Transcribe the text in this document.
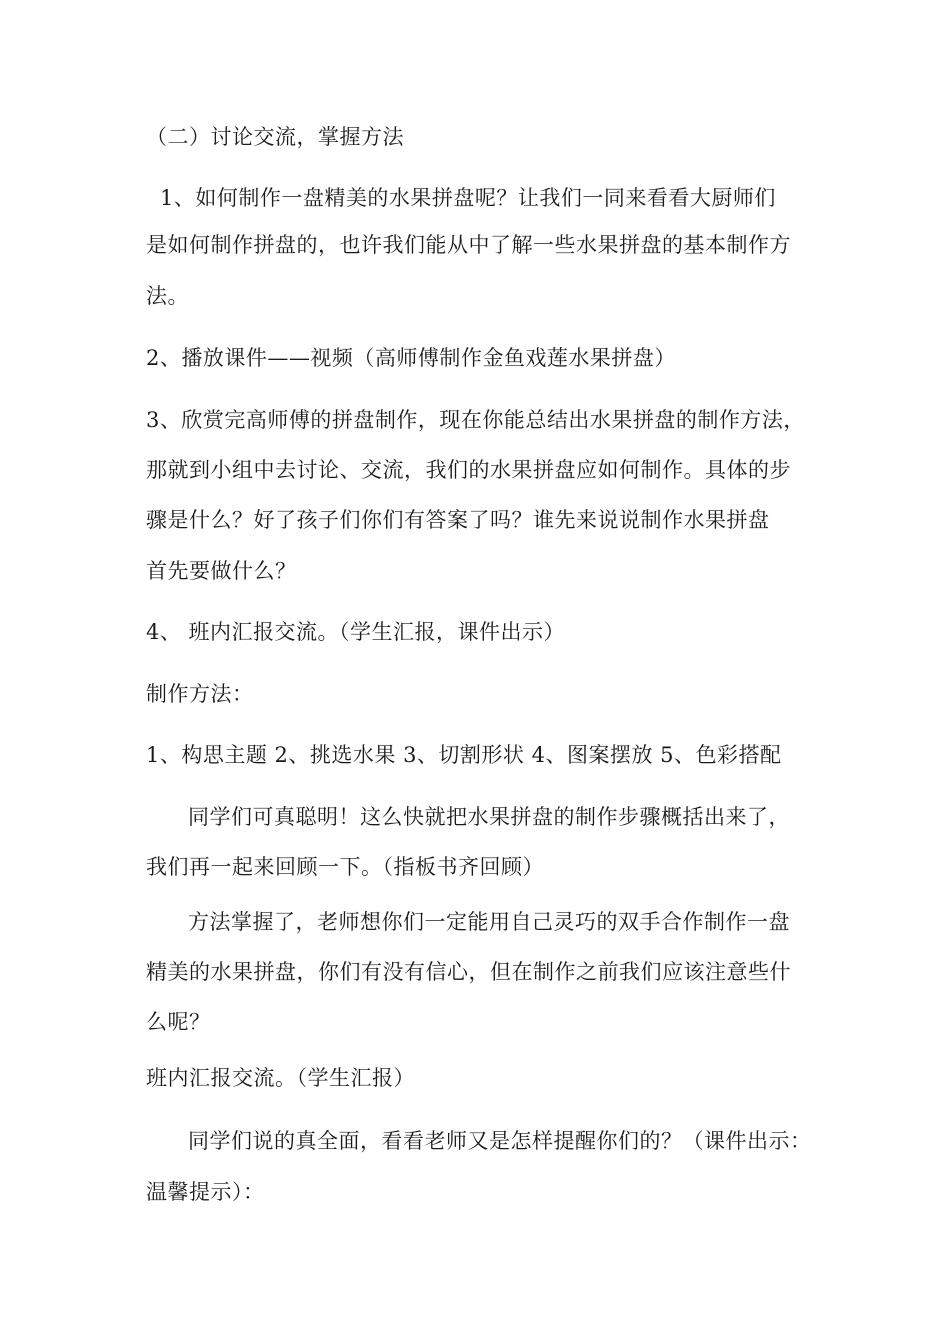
（二）讨论交流，掌握方法
1、如何制作一盘精美的水果拼盘呢？让我们一同来看看大厨师们
是如何制作拼盘的，也许我们能从中了解一些水果拼盘的基本制作方
法。
2、播放课件——视频（高师傅制作金鱼戏莲水果拼盘）
3、欣赏完高师傅的拼盘制作，现在你能总结出水果拼盘的制作方法，
那就到小组中去讨论、交流，我们的水果拼盘应如何制作。具体的步
骤是什么？好了孩子们你们有答案了吗？谁先来说说制作水果拼盘
首先要做什么？
4、 班内汇报交流。（学生汇报，课件出示）
制作方法：
1、构思主题 2、挑选水果 3、切割形状 4、图案摆放 5、色彩搭配
同学们可真聪明！这么快就把水果拼盘的制作步骤概括出来了，
我们再一起来回顾一下。（指板书齐回顾）
方法掌握了，老师想你们一定能用自己灵巧的双手合作制作一盘
精美的水果拼盘，你们有没有信心，但在制作之前我们应该注意些什
么呢？
班内汇报交流。（学生汇报）
同学们说的真全面，看看老师又是怎样提醒你们的？（课件出示：
温馨提示）：
